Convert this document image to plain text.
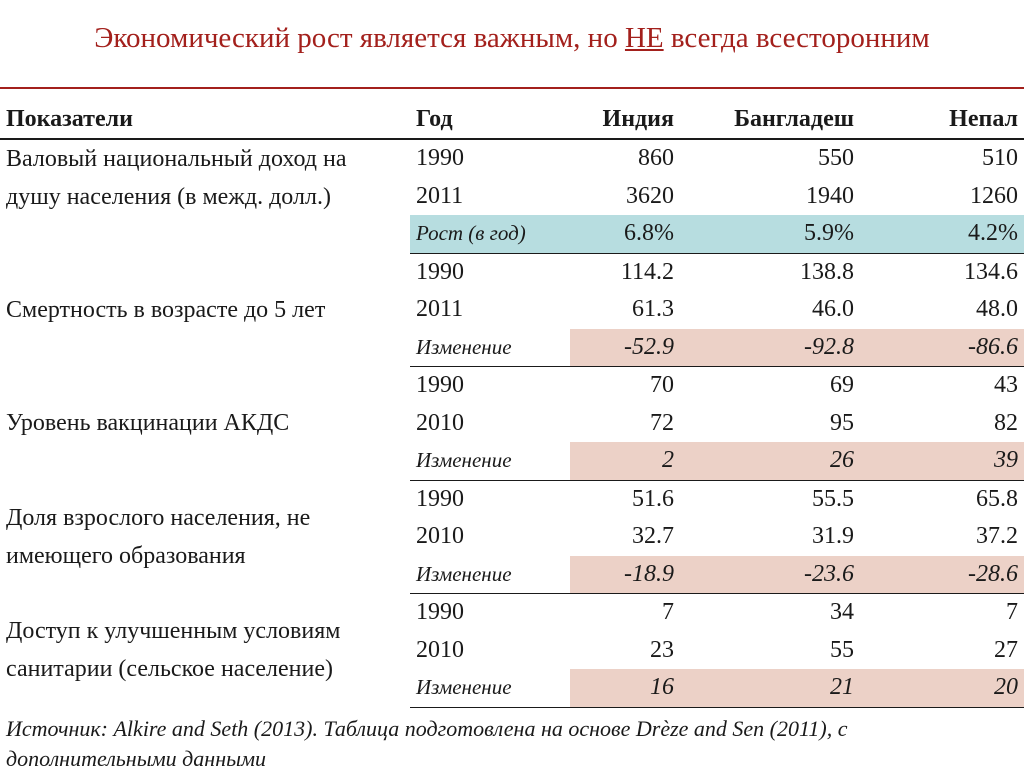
Экономический рост является важным, но НЕ всегда всесторонним
Показатели	Год	Индия	Бангладеш	Непал
Валовый национальный доход на душу населения (в межд. долл.)	1990	860	550	510
	2011	3620	1940	1260
	Рост (в год)	6.8%	5.9%	4.2%
Смертность в возрасте до 5 лет	1990	114.2	138.8	134.6
	2011	61.3	46.0	48.0
	Изменение	-52.9	-92.8	-86.6
Уровень вакцинации АКДС	1990	70	69	43
	2010	72	95	82
	Изменение	2	26	39
Доля взрослого населения, не имеющего образования	1990	51.6	55.5	65.8
	2010	32.7	31.9	37.2
	Изменение	-18.9	-23.6	-28.6
Доступ к улучшенным условиям санитарии (сельское население)	1990	7	34	7
	2010	23	55	27
	Изменение	16	21	20
Источник: Alkire and Seth (2013). Таблица подготовлена на основе Drèze and Sen (2011), с дополнительными данными
